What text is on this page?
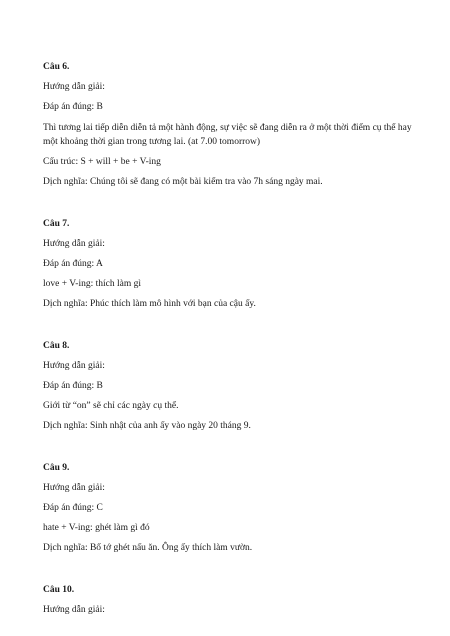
Câu 6.
Hướng dẫn giải:
Đáp án đúng: B
Thì tương lai tiếp diễn diễn tả một hành động, sự việc sẽ đang diễn ra ở một thời điểm cụ thể hay một khoảng thời gian trong tương lai. (at 7.00 tomorrow)
Cấu trúc: S + will + be + V-ing
Dịch nghĩa: Chúng tôi sẽ đang có một bài kiểm tra vào 7h sáng ngày mai.
Câu 7.
Hướng dẫn giải:
Đáp án đúng: A
love + V-ing: thích làm gì
Dịch nghĩa: Phúc thích làm mô hình với bạn của cậu ấy.
Câu 8.
Hướng dẫn giải:
Đáp án đúng: B
Giới từ “on” sẽ chỉ các ngày cụ thể.
Dịch nghĩa: Sinh nhật của anh ấy vào ngày 20 tháng 9.
Câu 9.
Hướng dẫn giải:
Đáp án đúng: C
hate + V-ing: ghét làm gì đó
Dịch nghĩa: Bố tớ ghét nấu ăn. Ông ấy thích làm vườn.
Câu 10.
Hướng dẫn giải:
